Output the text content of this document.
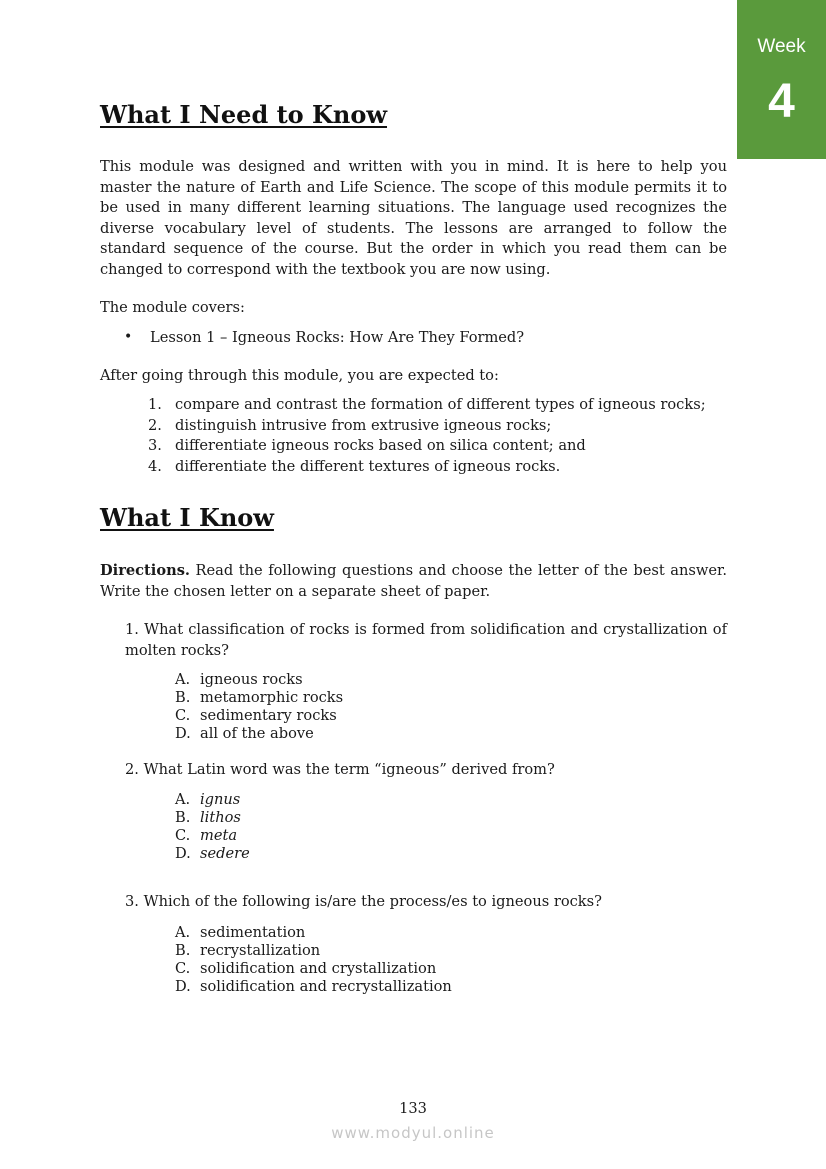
Week
4
What I Need to Know
This module was designed and written with you in mind. It is here to help you master the nature of Earth and Life Science. The scope of this module permits it to be used in many different learning situations. The language used recognizes the diverse vocabulary level of students. The lessons are arranged to follow the standard sequence of the course. But the order in which you read them can be changed to correspond with the textbook you are now using.
The module covers:
• Lesson 1 – Igneous Rocks: How Are They Formed?
After going through this module, you are expected to:
1. compare and contrast the formation of different types of igneous rocks;
2. distinguish intrusive from extrusive igneous rocks;
3. differentiate igneous rocks based on silica content; and
4. differentiate the different textures of igneous rocks.
What I Know
Directions. Read the following questions and choose the letter of the best answer. Write the chosen letter on a separate sheet of paper.
1. What classification of rocks is formed from solidification and crystallization of molten rocks?
A. igneous rocks
B. metamorphic rocks
C. sedimentary rocks
D. all of the above
2. What Latin word was the term “igneous” derived from?
A. ignus
B. lithos
C. meta
D. sedere
3. Which of the following is/are the process/es to igneous rocks?
A. sedimentation
B. recrystallization
C. solidification and crystallization
D. solidification and recrystallization
133
www.modyul.online
